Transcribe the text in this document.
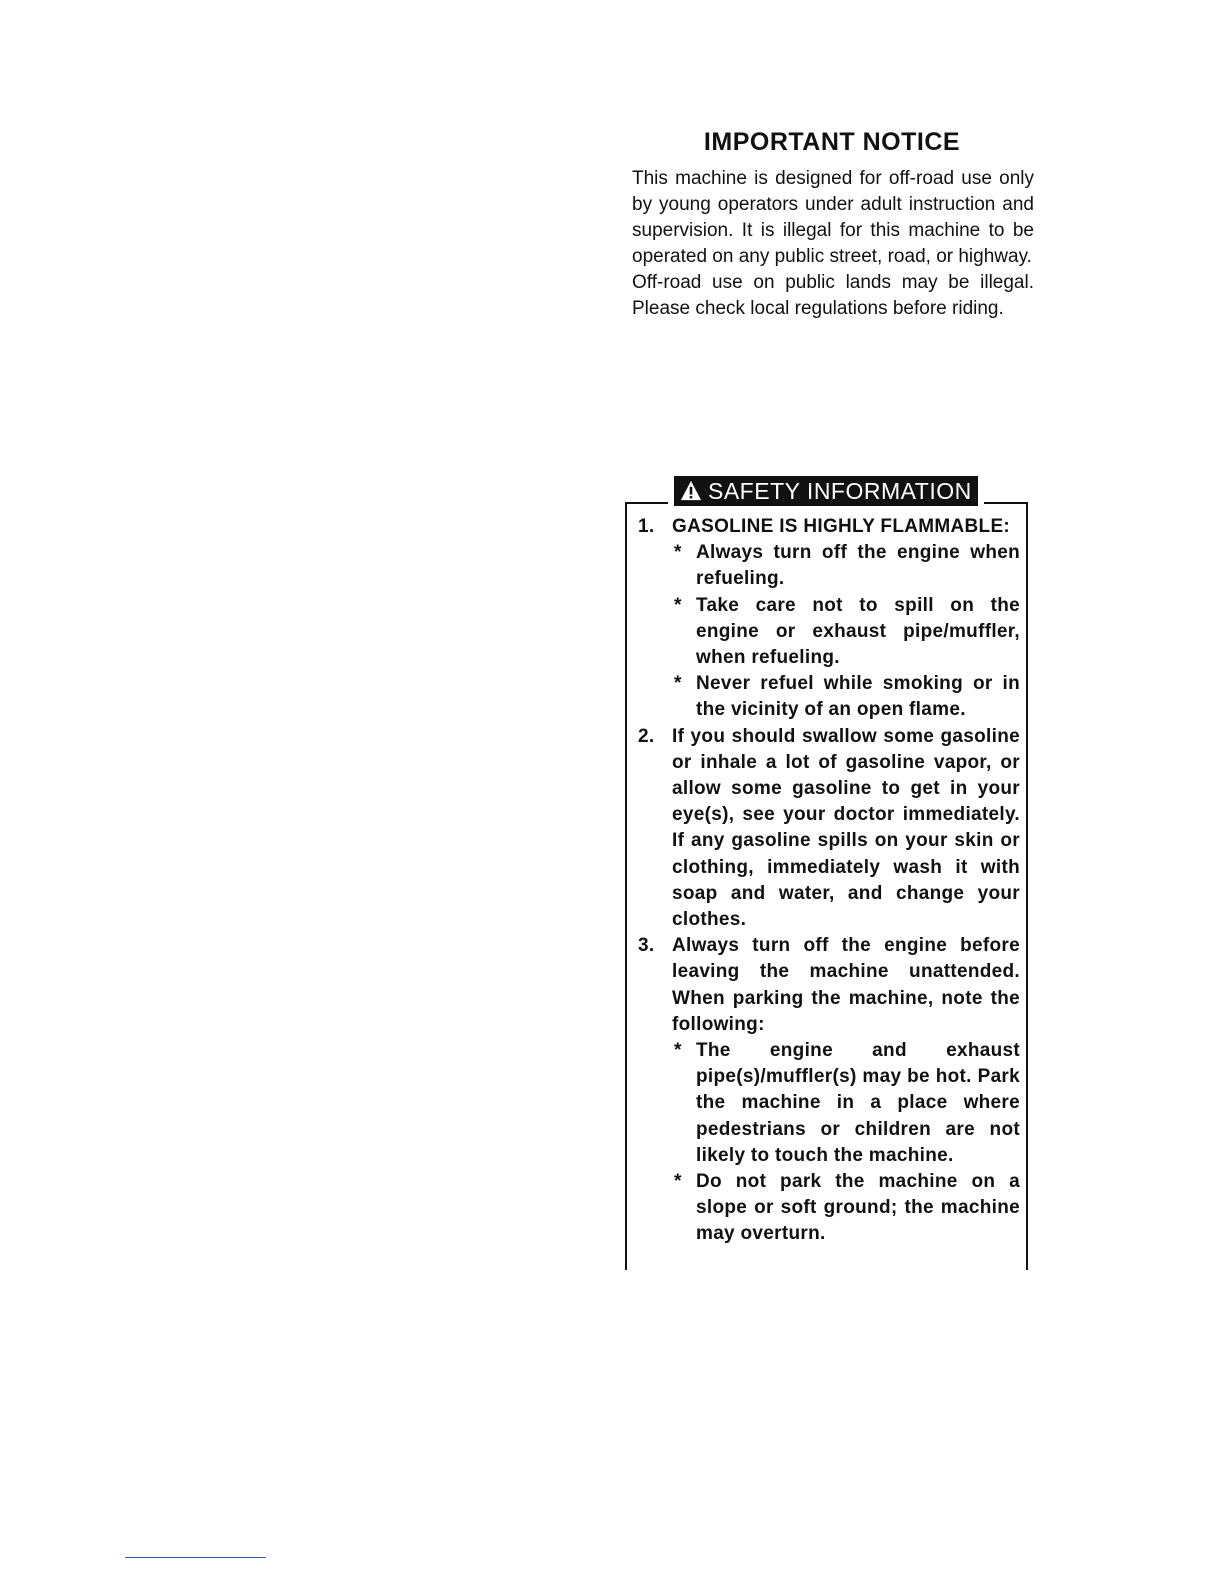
IMPORTANT NOTICE

This machine is designed for off-road use only by young operators under adult instruction and supervision. It is illegal for this machine to be operated on any public street, road, or highway.

Off-road use on public lands may be illegal. Please check local regulations before riding.

SAFETY INFORMATION
1. GASOLINE IS HIGHLY FLAMMABLE:
* Always turn off the engine when refueling.
* Take care not to spill on the engine or exhaust pipe/muffler, when refueling.
* Never refuel while smoking or in the vicinity of an open flame.
2. If you should swallow some gasoline or inhale a lot of gasoline vapor, or allow some gasoline to get in your eye(s), see your doctor immediately. If any gasoline spills on your skin or clothing, immediately wash it with soap and water, and change your clothes.
3. Always turn off the engine before leaving the machine unattended. When parking the machine, note the following:
* The engine and exhaust pipe(s)/muffler(s) may be hot. Park the machine in a place where pedestrians or children are not likely to touch the machine.
* Do not park the machine on a slope or soft ground; the machine may overturn.
